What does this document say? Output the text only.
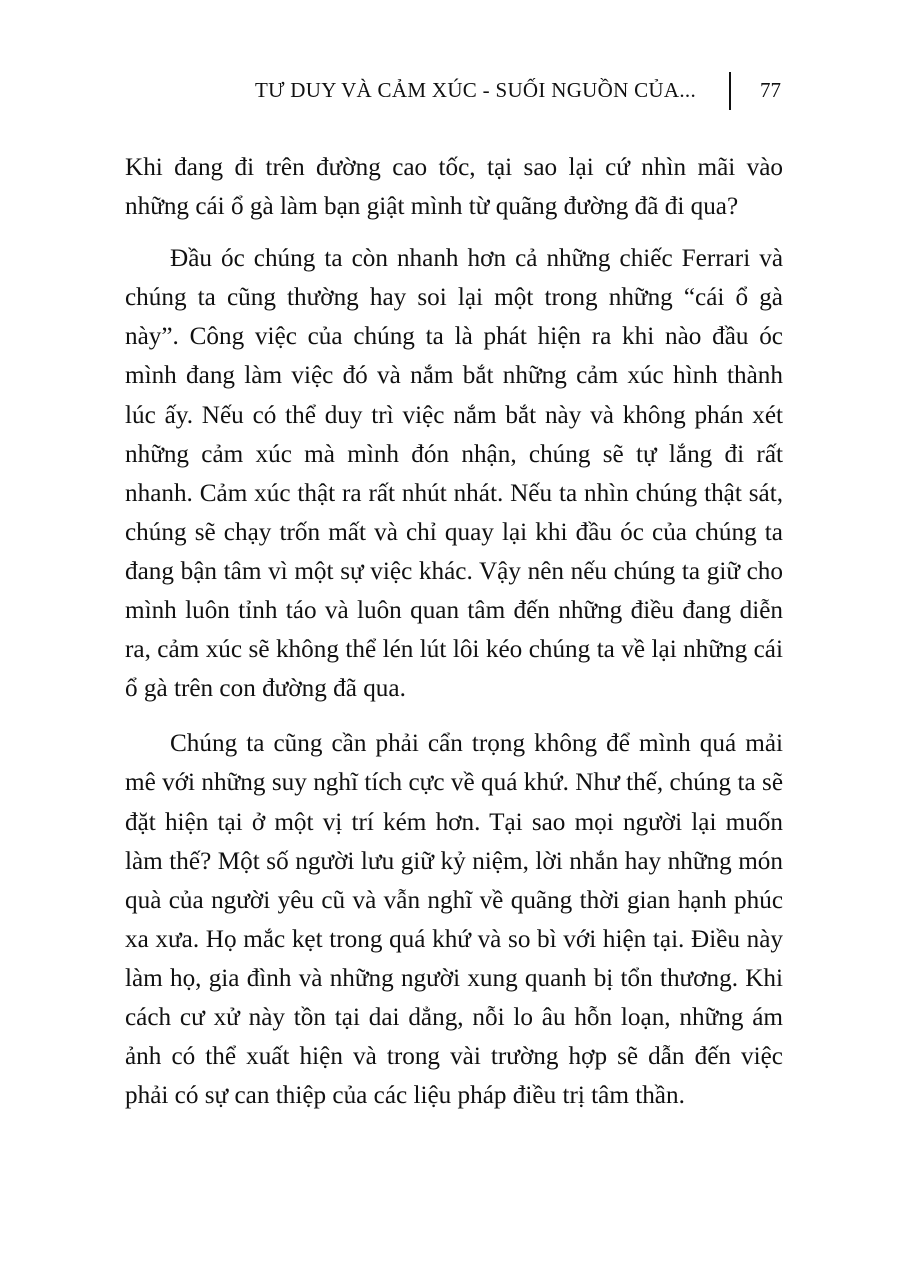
TƯ DUY VÀ CẢM XÚC - SUỐI NGUỒN CỦA...	77

Khi đang đi trên đường cao tốc, tại sao lại cứ nhìn mãi vào những cái ổ gà làm bạn giật mình từ quãng đường đã đi qua?

Đầu óc chúng ta còn nhanh hơn cả những chiếc Ferrari và chúng ta cũng thường hay soi lại một trong những “cái ổ gà này”. Công việc của chúng ta là phát hiện ra khi nào đầu óc mình đang làm việc đó và nắm bắt những cảm xúc hình thành lúc ấy. Nếu có thể duy trì việc nắm bắt này và không phán xét những cảm xúc mà mình đón nhận, chúng sẽ tự lắng đi rất nhanh. Cảm xúc thật ra rất nhút nhát. Nếu ta nhìn chúng thật sát, chúng sẽ chạy trốn mất và chỉ quay lại khi đầu óc của chúng ta đang bận tâm vì một sự việc khác. Vậy nên nếu chúng ta giữ cho mình luôn tỉnh táo và luôn quan tâm đến những điều đang diễn ra, cảm xúc sẽ không thể lén lút lôi kéo chúng ta về lại những cái ổ gà trên con đường đã qua.

Chúng ta cũng cần phải cẩn trọng không để mình quá mải mê với những suy nghĩ tích cực về quá khứ. Như thế, chúng ta sẽ đặt hiện tại ở một vị trí kém hơn. Tại sao mọi người lại muốn làm thế? Một số người lưu giữ kỷ niệm, lời nhắn hay những món quà của người yêu cũ và vẫn nghĩ về quãng thời gian hạnh phúc xa xưa. Họ mắc kẹt trong quá khứ và so bì với hiện tại. Điều này làm họ, gia đình và những người xung quanh bị tổn thương. Khi cách cư xử này tồn tại dai dẳng, nỗi lo âu hỗn loạn, những ám ảnh có thể xuất hiện và trong vài trường hợp sẽ dẫn đến việc phải có sự can thiệp của các liệu pháp điều trị tâm thần.
